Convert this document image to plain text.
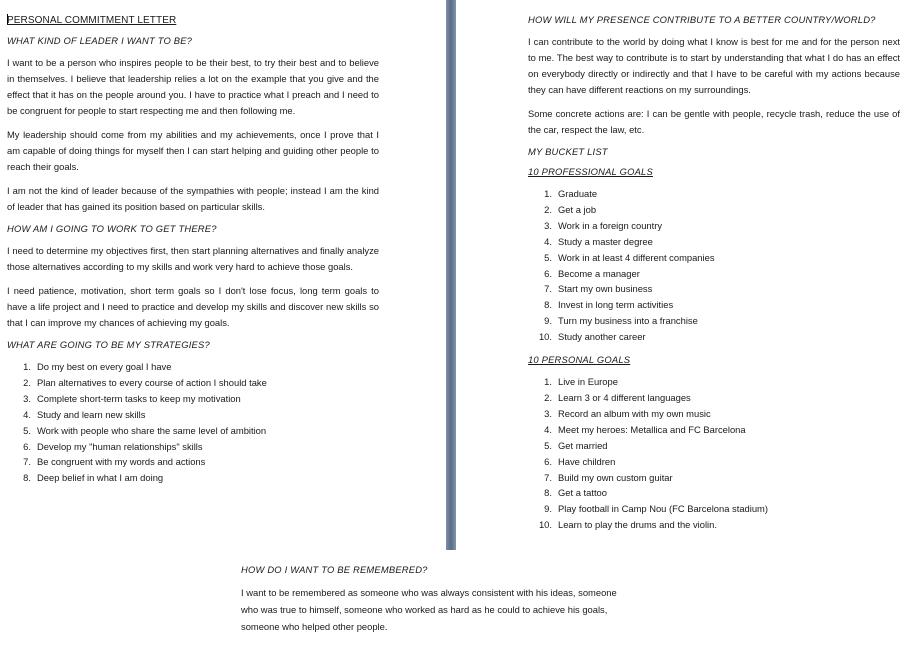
PERSONAL COMMITMENT LETTER
WHAT KIND OF LEADER I WANT TO BE?

I want to be a person who inspires people to be their best, to try their best and to believe in themselves. I believe that leadership relies a lot on the example that you give and the effect that it has on the people around you. I have to practice what I preach and I need to be congruent for people to start respecting me and then following me.

My leadership should come from my abilities and my achievements, once I prove that I am capable of doing things for myself then I can start helping and guiding other people to reach their goals.

I am not the kind of leader because of the sympathies with people; instead I am the kind of leader that has gained its position based on particular skills.

HOW AM I GOING TO WORK TO GET THERE?

I need to determine my objectives first, then start planning alternatives and finally analyze those alternatives according to my skills and work very hard to achieve those goals.

I need patience, motivation, short term goals so I don't lose focus, long term goals to have a life project and I need to practice and develop my skills and discover new skills so that I can improve my chances of achieving my goals.

WHAT ARE GOING TO BE MY STRATEGIES?
1. Do my best on every goal I have
2. Plan alternatives to every course of action I should take
3. Complete short-term tasks to keep my motivation
4. Study and learn new skills
5. Work with people who share the same level of ambition
6. Develop my "human relationships" skills
7. Be congruent with my words and actions
8. Deep belief in what I am doing
HOW WILL MY PRESENCE CONTRIBUTE TO A BETTER COUNTRY/WORLD?

I can contribute to the world by doing what I know is best for me and for the person next to me. The best way to contribute is to start by understanding that what I do has an effect on everybody directly or indirectly and that I have to be careful with my actions because they can have different reactions on my surroundings.

Some concrete actions are: I can be gentle with people, recycle trash, reduce the use of the car, respect the law, etc.

MY BUCKET LIST
10 PROFESSIONAL GOALS
1. Graduate
2. Get a job
3. Work in a foreign country
4. Study a master degree
5. Work in at least 4 different companies
6. Become a manager
7. Start my own business
8. Invest in long term activities
9. Turn my business into a franchise
10. Study another career
10 PERSONAL GOALS
1. Live in Europe
2. Learn 3 or 4 different languages
3. Record an album with my own music
4. Meet my heroes: Metallica and FC Barcelona
5. Get married
6. Have children
7. Build my own custom guitar
8. Get a tattoo
9. Play football in Camp Nou (FC Barcelona stadium)
10. Learn to play the drums and the violin.
HOW DO I WANT TO BE REMEMBERED?

I want to be remembered as someone who was always consistent with his ideas, someone who was true to himself, someone who worked as hard as he could to achieve his goals, someone who helped other people.
